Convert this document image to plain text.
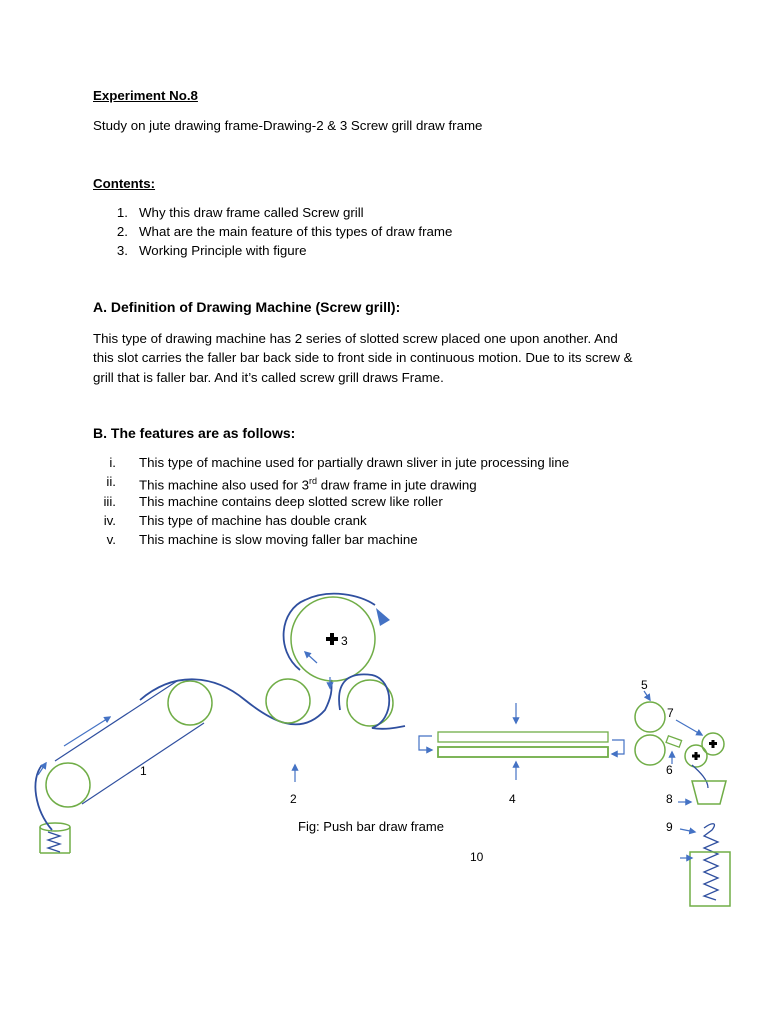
Experiment No.8
Study on jute drawing frame-Drawing-2 & 3 Screw grill draw frame
Contents:
1. Why this draw frame called Screw grill
2. What are the main feature of this types of draw frame
3. Working Principle with figure
A. Definition of Drawing Machine (Screw grill):
This type of drawing machine has 2 series of slotted screw placed one upon another. And
this slot carries the faller bar back side to front side in continuous motion. Due to its screw &
grill that is faller bar. And it’s called screw grill draws Frame.
B. The features are as follows:
i. This type of machine used for partially drawn sliver in jute processing line
ii. This machine also used for 3rd draw frame in jute drawing
iii. This machine contains deep slotted screw like roller
iv. This type of machine has double crank
v. This machine is slow moving faller bar machine
3
1
2	4
5
6
7
8
9
10
Fig: Push bar draw frame
